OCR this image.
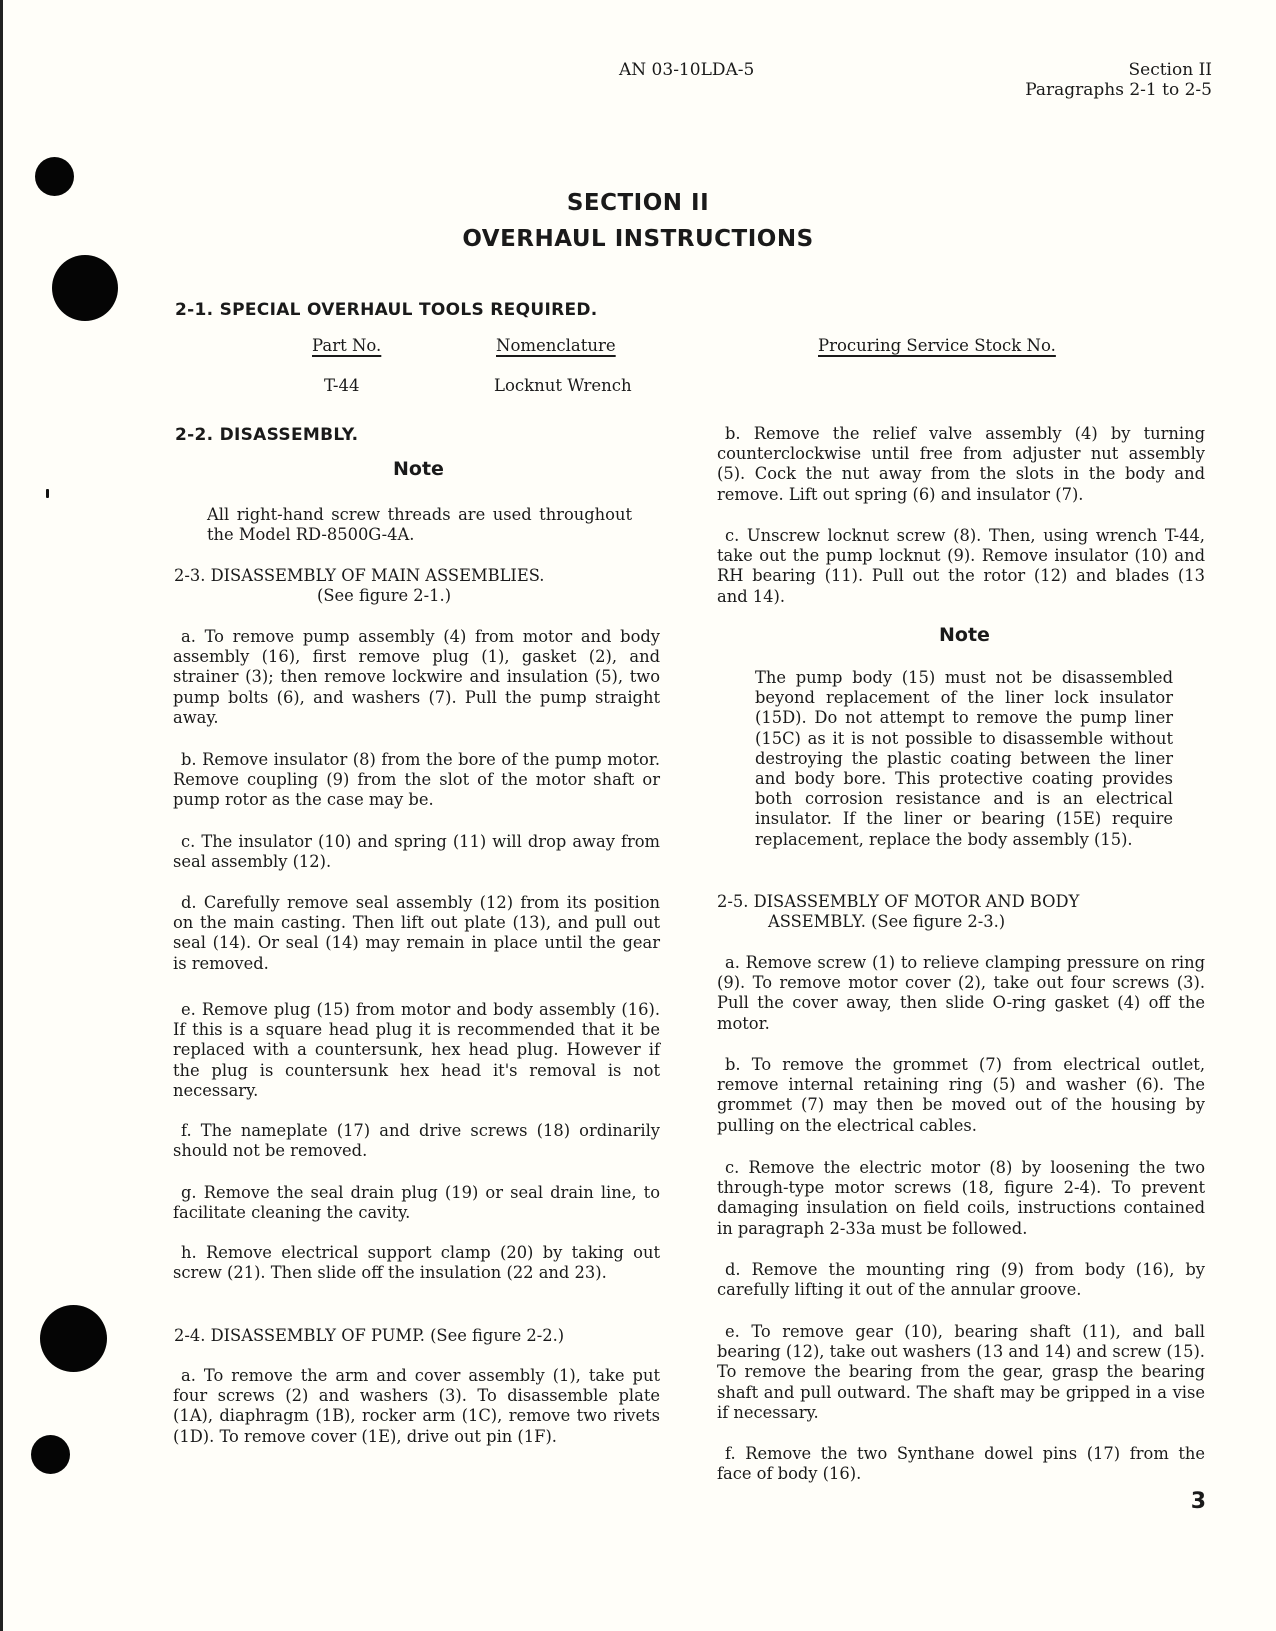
AN 03-10LDA-5	Section II
Paragraphs 2-1 to 2-5
SECTION II
OVERHAUL INSTRUCTIONS
2-1. SPECIAL OVERHAUL TOOLS REQUIRED.
Part No.	Nomenclature	Procuring Service Stock No.
T-44	Locknut Wrench
2-2. DISASSEMBLY.
Note
All right-hand screw threads are used throughout the Model RD-8500G-4A.
2-3. DISASSEMBLY OF MAIN ASSEMBLIES.
(See figure 2-1.)
a. To remove pump assembly (4) from motor and body assembly (16), first remove plug (1), gasket (2), and strainer (3); then remove lockwire and insulation (5), two pump bolts (6), and washers (7). Pull the pump straight away.
b. Remove insulator (8) from the bore of the pump motor. Remove coupling (9) from the slot of the motor shaft or pump rotor as the case may be.
c. The insulator (10) and spring (11) will drop away from seal assembly (12).
d. Carefully remove seal assembly (12) from its position on the main casting. Then lift out plate (13), and pull out seal (14). Or seal (14) may remain in place until the gear is removed.
e. Remove plug (15) from motor and body assembly (16). If this is a square head plug it is recommended that it be replaced with a countersunk, hex head plug. However if the plug is countersunk hex head it's removal is not necessary.
f. The nameplate (17) and drive screws (18) ordinarily should not be removed.
g. Remove the seal drain plug (19) or seal drain line, to facilitate cleaning the cavity.
h. Remove electrical support clamp (20) by taking out screw (21). Then slide off the insulation (22 and 23).
2-4. DISASSEMBLY OF PUMP. (See figure 2-2.)
a. To remove the arm and cover assembly (1), take put four screws (2) and washers (3). To disassemble plate (1A), diaphragm (1B), rocker arm (1C), remove two rivets (1D). To remove cover (1E), drive out pin (1F).
b. Remove the relief valve assembly (4) by turning counterclockwise until free from adjuster nut assembly (5). Cock the nut away from the slots in the body and remove. Lift out spring (6) and insulator (7).
c. Unscrew locknut screw (8). Then, using wrench T-44, take out the pump locknut (9). Remove insulator (10) and RH bearing (11). Pull out the rotor (12) and blades (13 and 14).
Note
The pump body (15) must not be disassembled beyond replacement of the liner lock insulator (15D). Do not attempt to remove the pump liner (15C) as it is not possible to disassemble without destroying the plastic coating between the liner and body bore. This protective coating provides both corrosion resistance and is an electrical insulator. If the liner or bearing (15E) require replacement, replace the body assembly (15).
2-5. DISASSEMBLY OF MOTOR AND BODY
ASSEMBLY. (See figure 2-3.)
a. Remove screw (1) to relieve clamping pressure on ring (9). To remove motor cover (2), take out four screws (3). Pull the cover away, then slide O-ring gasket (4) off the motor.
b. To remove the grommet (7) from electrical outlet, remove internal retaining ring (5) and washer (6). The grommet (7) may then be moved out of the housing by pulling on the electrical cables.
c. Remove the electric motor (8) by loosening the two through-type motor screws (18, figure 2-4). To prevent damaging insulation on field coils, instructions contained in paragraph 2-33a must be followed.
d. Remove the mounting ring (9) from body (16), by carefully lifting it out of the annular groove.
e. To remove gear (10), bearing shaft (11), and ball bearing (12), take out washers (13 and 14) and screw (15). To remove the bearing from the gear, grasp the bearing shaft and pull outward. The shaft may be gripped in a vise if necessary.
f. Remove the two Synthane dowel pins (17) from the face of body (16).
3
